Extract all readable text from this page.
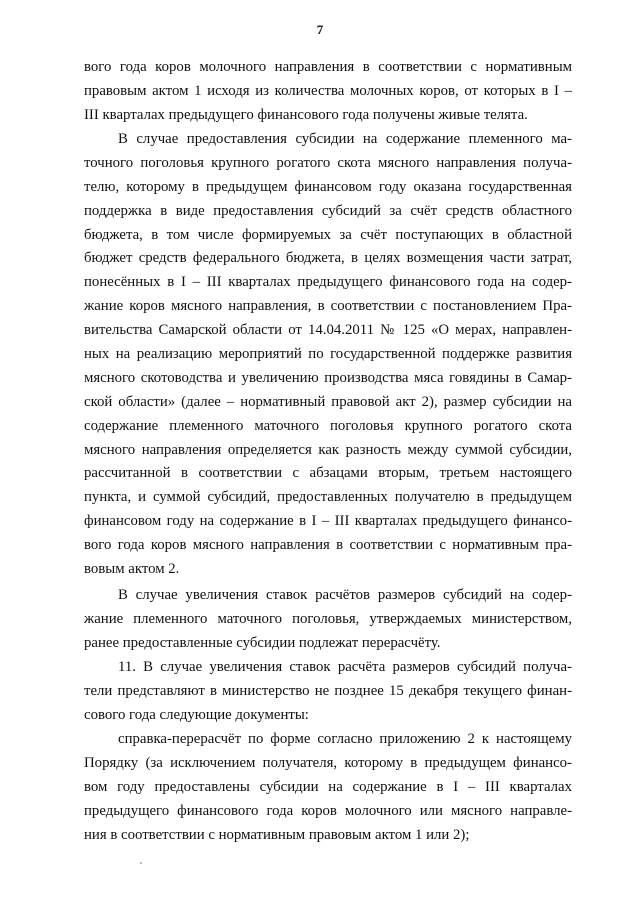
7
вого года коров молочного направления в соответствии с нормативным
правовым актом 1 исходя из количества молочных коров, от которых в I –
III кварталах предыдущего финансового года получены живые телята.
В случае предоставления субсидии на содержание племенного ма-
точного поголовья крупного рогатого скота мясного направления получа-
телю, которому в предыдущем финансовом году оказана государственная
поддержка в виде предоставления субсидий за счёт средств областного
бюджета, в том числе формируемых за счёт поступающих в областной
бюджет средств федерального бюджета, в целях возмещения части затрат,
понесённых в I – III кварталах предыдущего финансового года на содер-
жание коров мясного направления, в соответствии с постановлением Пра-
вительства Самарской области от 14.04.2011 № 125 «О мерах, направлен-
ных на реализацию мероприятий по государственной поддержке развития
мясного скотоводства и увеличению производства мяса говядины в Самар-
ской области» (далее – нормативный правовой акт 2), размер субсидии на
содержание племенного маточного поголовья крупного рогатого скота
мясного направления определяется как разность между суммой субсидии,
рассчитанной в соответствии с абзацами вторым, третьем настоящего
пункта, и суммой субсидий, предоставленных получателю в предыдущем
финансовом году на содержание в I – III кварталах предыдущего финансо-
вого года коров мясного направления в соответствии с нормативным пра-
вовым актом 2.
В случае увеличения ставок расчётов размеров субсидий на содер-
жание племенного маточного поголовья, утверждаемых министерством,
ранее предоставленные субсидии подлежат перерасчёту.
11. В случае увеличения ставок расчёта размеров субсидий получа-
тели представляют в министерство не позднее 15 декабря текущего финан-
сового года следующие документы:
справка-перерасчёт по форме согласно приложению 2 к настоящему
Порядку (за исключением получателя, которому в предыдущем финансо-
вом году предоставлены субсидии на содержание в I – III кварталах
предыдущего финансового года коров молочного или мясного направле-
ния в соответствии с нормативным правовым актом 1 или 2);
